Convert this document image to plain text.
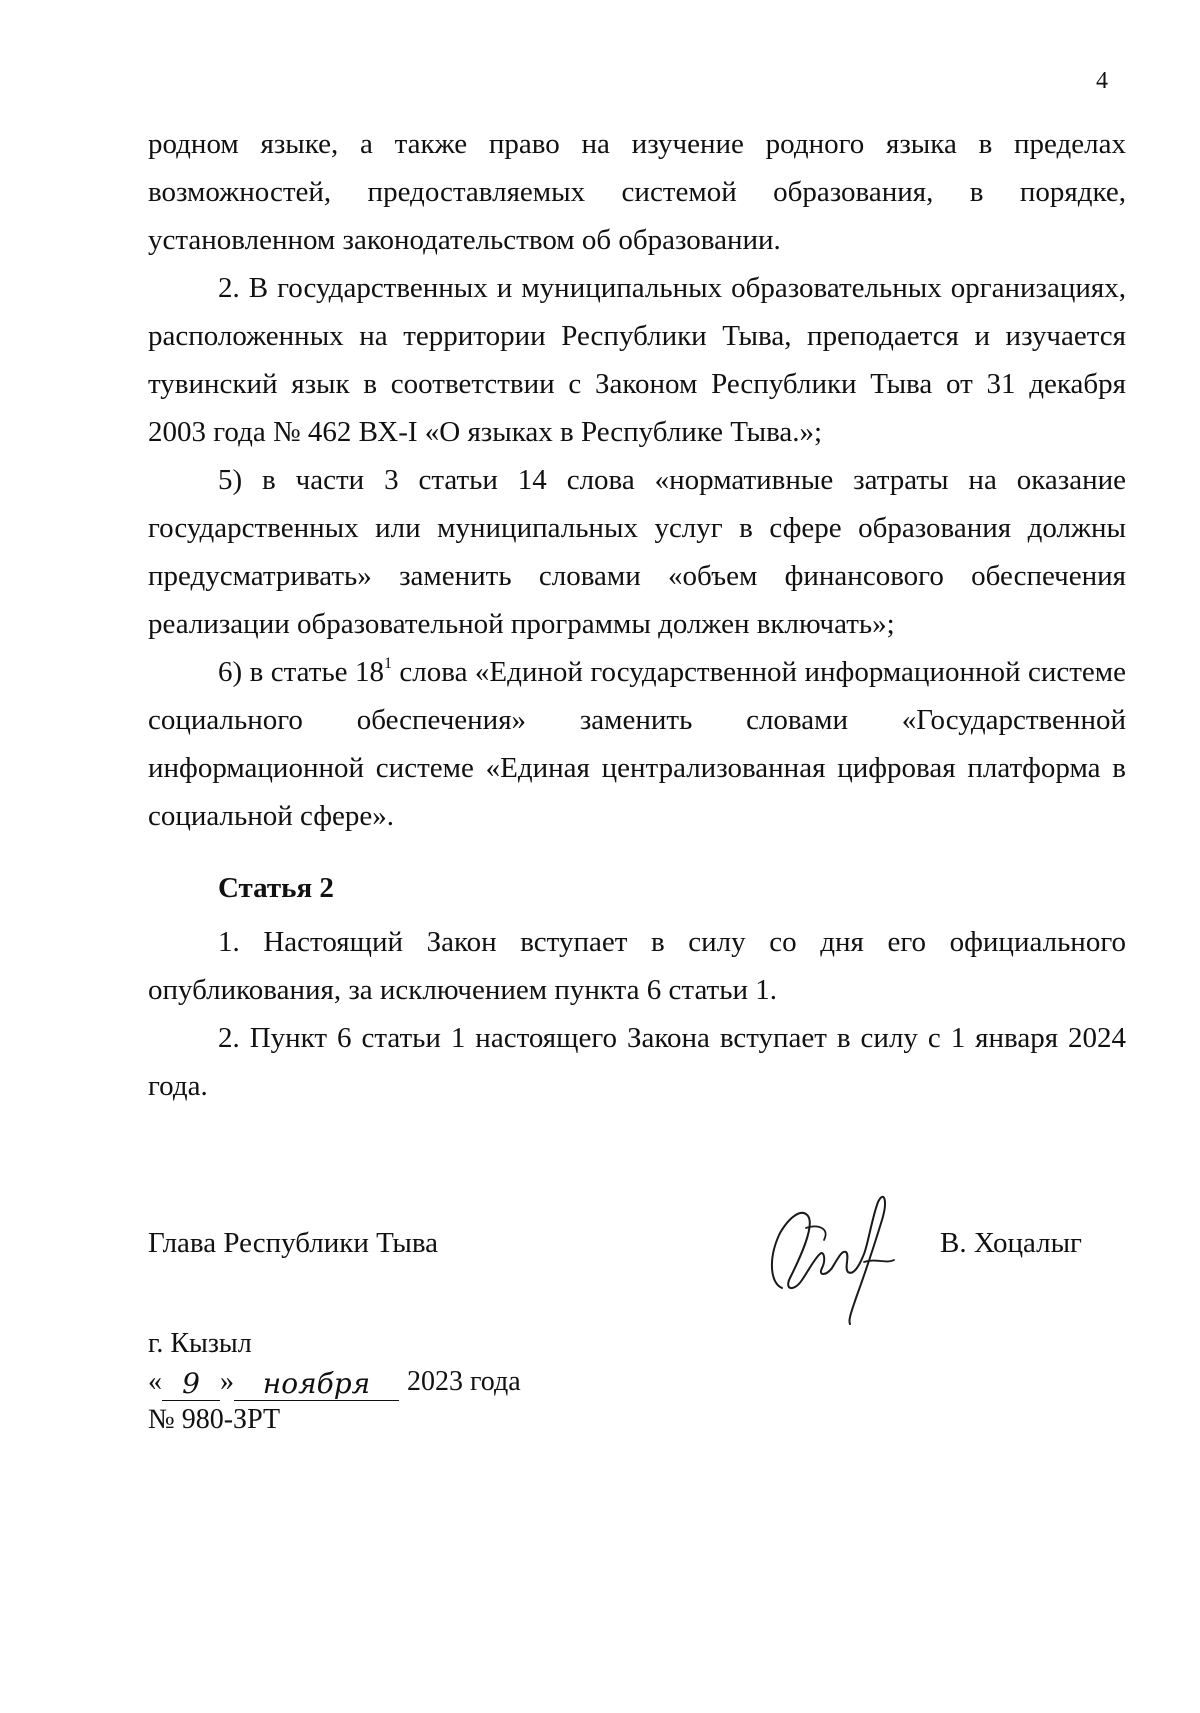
4

родном языке, а также право на изучение родного языка в пределах возможностей, предоставляемых системой образования, в порядке, установленном законодательством об образовании.

2. В государственных и муниципальных образовательных организациях, расположенных на территории Республики Тыва, преподается и изучается тувинский язык в соответствии с Законом Республики Тыва от 31 декабря 2003 года № 462 ВХ-I «О языках в Республике Тыва.»;

5) в части 3 статьи 14 слова «нормативные затраты на оказание государственных или муниципальных услуг в сфере образования должны предусматривать» заменить словами «объем финансового обеспечения реализации образовательной программы должен включать»;

6) в статье $18^1$ слова «Единой государственной информационной системе социального обеспечения» заменить словами «Государственной информационной системе «Единая централизованная цифровая платформа в социальной сфере».

Статья 2

1. Настоящий Закон вступает в силу со дня его официального опубликования, за исключением пункта 6 статьи 1.

2. Пункт 6 статьи 1 настоящего Закона вступает в силу с 1 января 2024 года.

Глава Республики Тыва	В. Хоцалыг
г. Кызыл
« 9 »	ноября	2023 года
№ 980-ЗРТ
